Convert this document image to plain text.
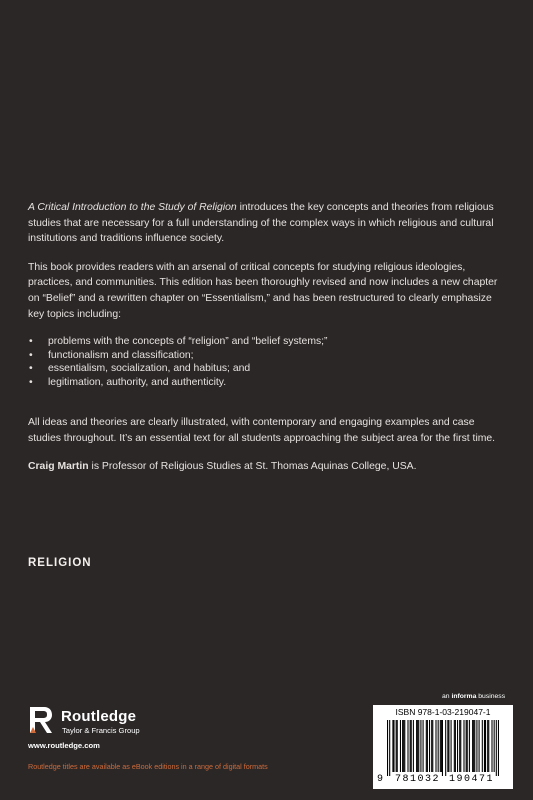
A Critical Introduction to the Study of Religion introduces the key concepts and theories from religious studies that are necessary for a full understanding of the complex ways in which religious and cultural institutions and traditions influence society.

This book provides readers with an arsenal of critical concepts for studying religious ideologies, practices, and communities. This edition has been thoroughly revised and now includes a new chapter on “Belief” and a rewritten chapter on “Essentialism,” and has been restructured to clearly emphasize key topics including:

• problems with the concepts of “religion” and “belief systems;”
• functionalism and classification;
• essentialism, socialization, and habitus; and
• legitimation, authority, and authenticity.

All ideas and theories are clearly illustrated, with contemporary and engaging examples and case studies throughout. It’s an essential text for all students approaching the subject area for the first time.

Craig Martin is Professor of Religious Studies at St. Thomas Aquinas College, USA.

RELIGION
Routledge
Taylor & Francis Group
www.routledge.com
Routledge titles are available as eBook editions in a range of digital formats
an informa business
ISBN 978-1-03-219047-1
9 781032 190471
